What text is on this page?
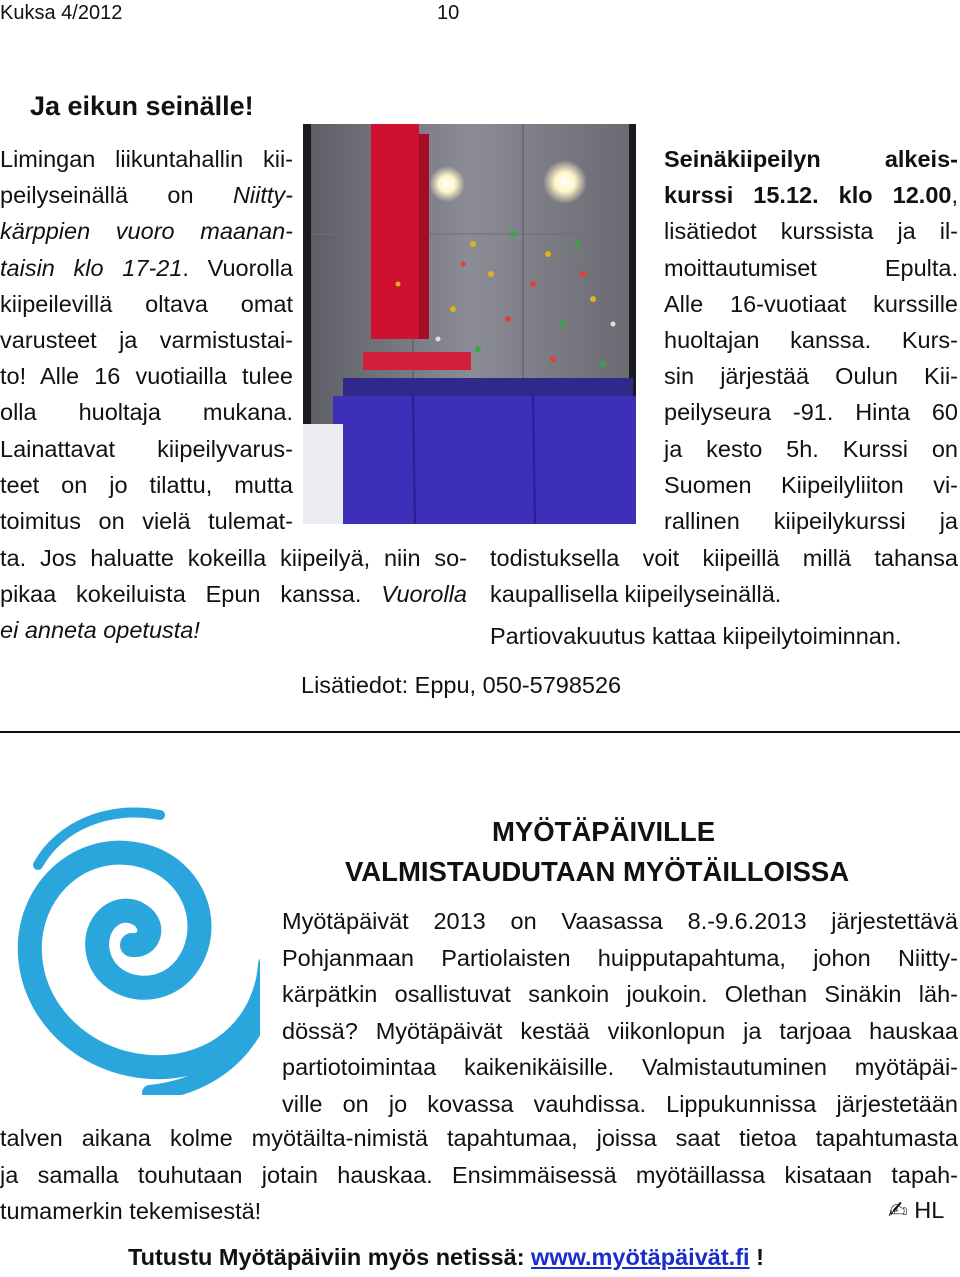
Kuksa 4/2012	10
Ja eikun seinälle!
Limingan liikuntahallin kii-
peilyseinällä on Niitty-
kärppien vuoro maanan-
taisin klo 17-21. Vuorolla
kiipeilevillä oltava omat
varusteet ja varmistustai-
to! Alle 16 vuotiailla tulee
olla huoltaja mukana.
Lainattavat kiipeilyvarus-
teet on jo tilattu, mutta
toimitus on vielä tulemat-
Seinäkiipeilyn alkeis-
kurssi 15.12. klo 12.00,
lisätiedot kurssista ja il-
moittautumiset Epulta.
Alle 16-vuotiaat kurssille
huoltajan kanssa. Kurs-
sin järjestää Oulun Kii-
peilyseura -91. Hinta 60
ja kesto 5h. Kurssi on
Suomen Kiipeilyliiton vi-
rallinen kiipeilykurssi ja
ta. Jos haluatte kokeilla kiipeilyä, niin so-
pikaa kokeiluista Epun kanssa. Vuorolla
ei anneta opetusta!
todistuksella voit kiipeillä millä tahansa
kaupallisella kiipeilyseinällä.
Partiovakuutus kattaa kiipeilytoiminnan.
Lisätiedot: Eppu, 050-5798526
MYÖTÄPÄIVILLE
VALMISTAUDUTAAN MYÖTÄILLOISSA
Myötäpäivät 2013 on Vaasassa 8.-9.6.2013 järjestettävä
Pohjanmaan Partiolaisten huipputapahtuma, johon Niitty-
kärpätkin osallistuvat sankoin joukoin. Olethan Sinäkin läh-
dössä? Myötäpäivät kestää viikonlopun ja tarjoaa hauskaa
partiotoimintaa kaikenikäisille. Valmistautuminen myötäpäi-
ville on jo kovassa vauhdissa. Lippukunnissa järjestetään
talven aikana kolme myötäilta-nimistä tapahtumaa, joissa saat tietoa tapahtumasta
ja samalla touhutaan jotain hauskaa. Ensimmäisessä myötäillassa kisataan tapah-
tumamerkin tekemisestä!	✍ HL
Tutustu Myötäpäiviin myös netissä: www.myötäpäivät.fi !
